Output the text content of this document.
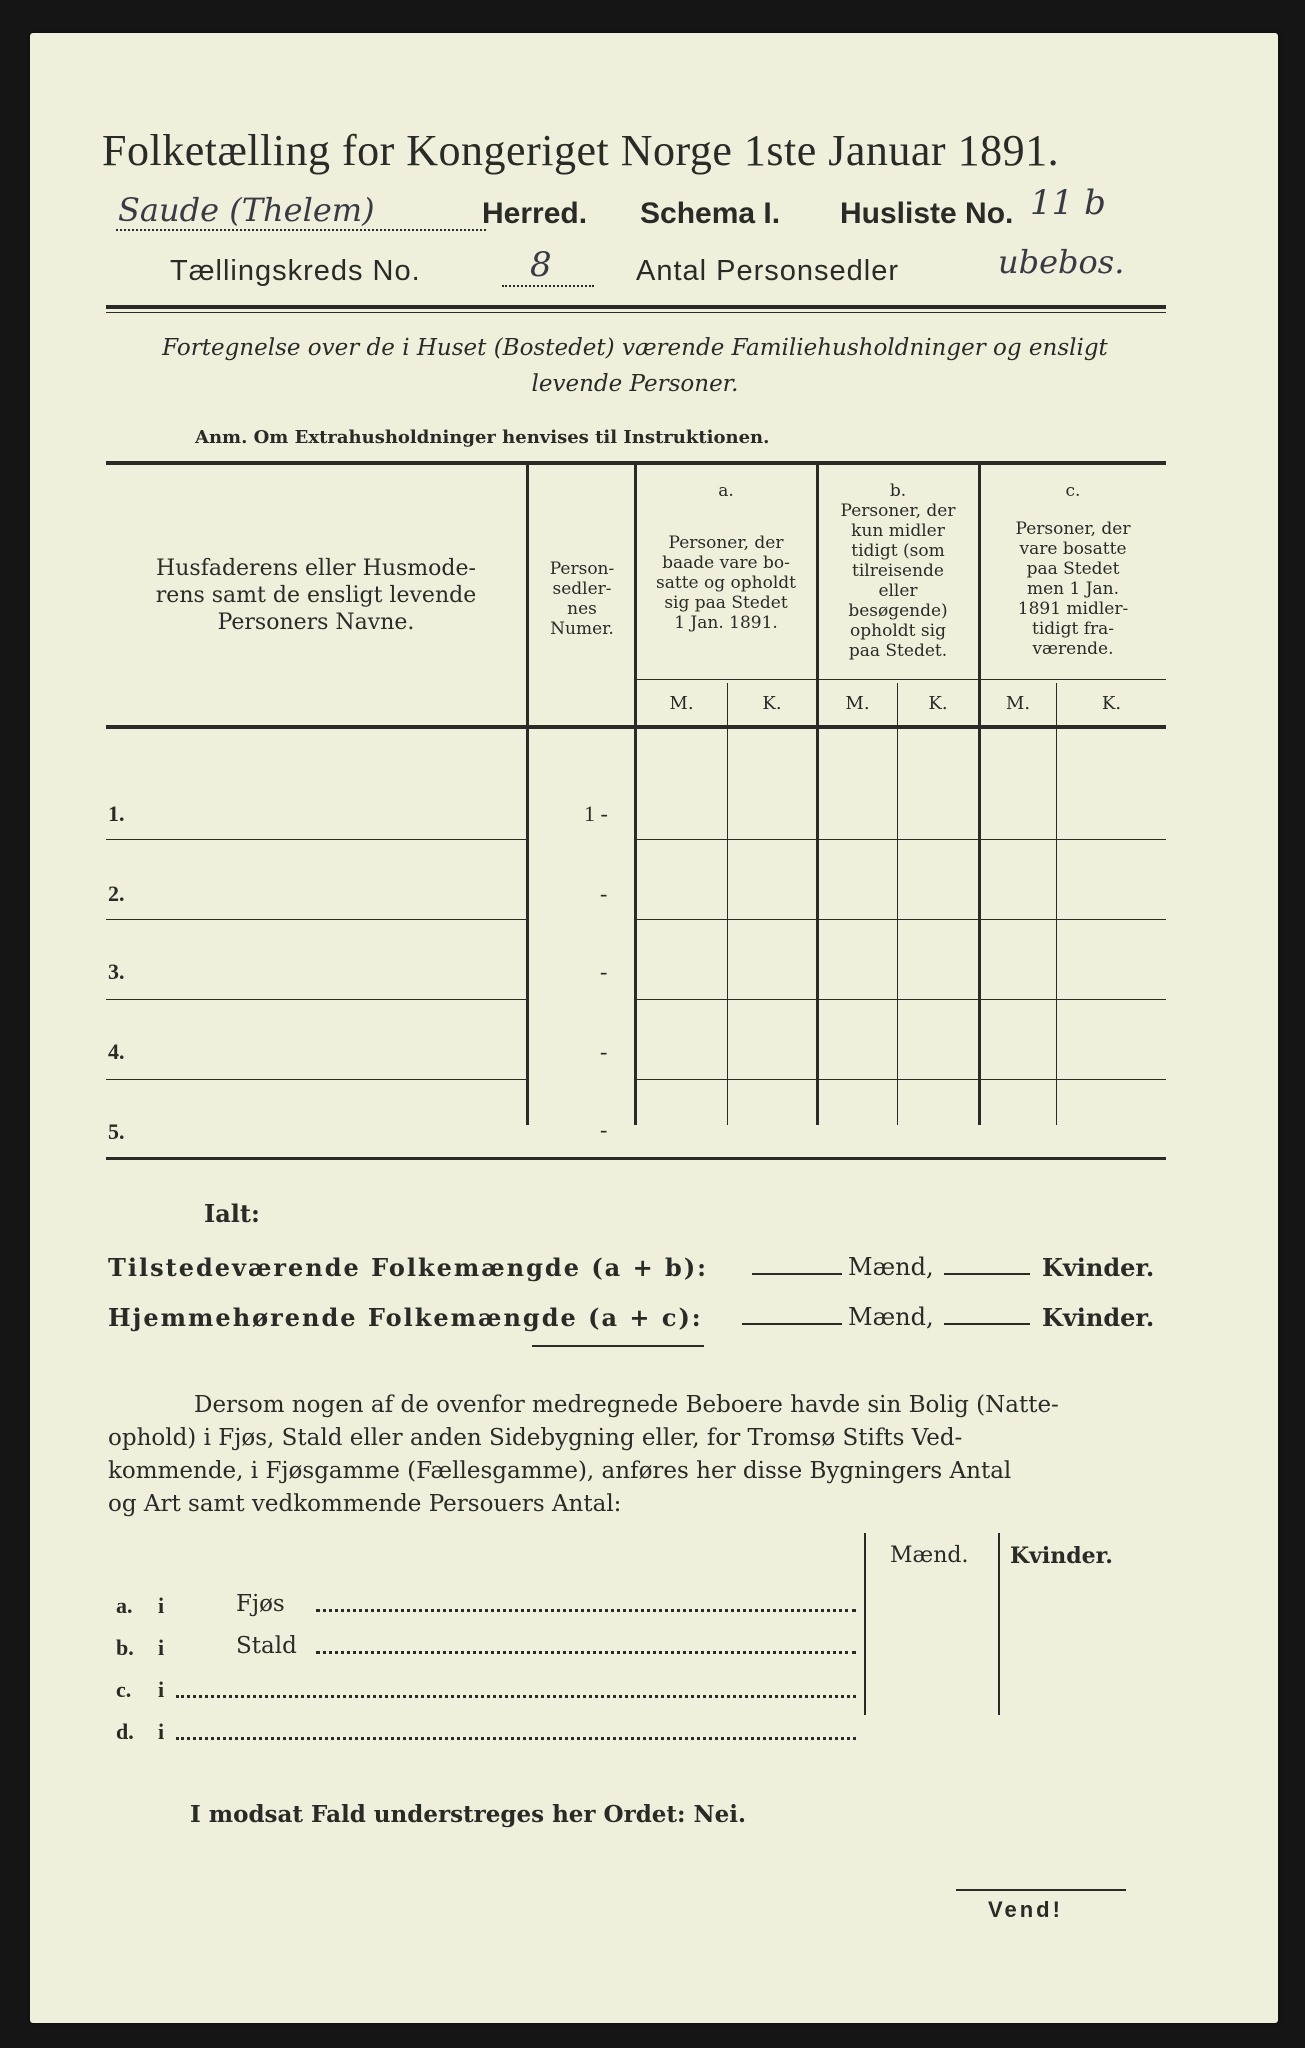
Folketælling for Kongeriget Norge 1ste Januar 1891.
Saude (Thelem)	Herred. Schema I. Husliste No. 11 b
Tællingskreds No.	8	Antal Personsedler	ubebos.
Fortegnelse over de i Huset (Bostedet) værende Familiehusholdninger og ensligt
levende Personer.
Anm. Om Extrahusholdninger henvises til Instruktionen.
Husfaderens eller Husmode-
rens samt de ensligt levende
Personers Navne.
Person-
sedler-
nes
Numer.
a.
Personer, der
baade vare bo-
satte og opholdt
sig paa Stedet
1 Jan. 1891.
b.
Personer, der
kun midler
tidigt (som
tilreisende
eller
besøgende)
opholdt sig
paa Stedet.
c.
Personer, der
vare bosatte
paa Stedet
men 1 Jan.
1891 midler-
tidigt fra-
værende.
M.	K.	M.	K.	M.	K.
1.	1 -
2.	-
3.	-
4.	-
5.	-
Ialt:
Tilstedeværende Folkemængde (a + b):	Mænd,	Kvinder.
Hjemmehørende Folkemængde (a + c):	Mænd,	Kvinder.
Dersom nogen af de ovenfor medregnede Beboere havde sin Bolig (Natte-
ophold) i Fjøs, Stald eller anden Sidebygning eller, for Tromsø Stifts Ved-
kommende, i Fjøsgamme (Fællesgamme), anføres her disse Bygningers Antal
og Art samt vedkommende Persouers Antal:
Mænd. Kvinder.
a. i	Fjøs
b. i	Stald
c. i
d. i
I modsat Fald understreges her Ordet: Nei.
Vend!
